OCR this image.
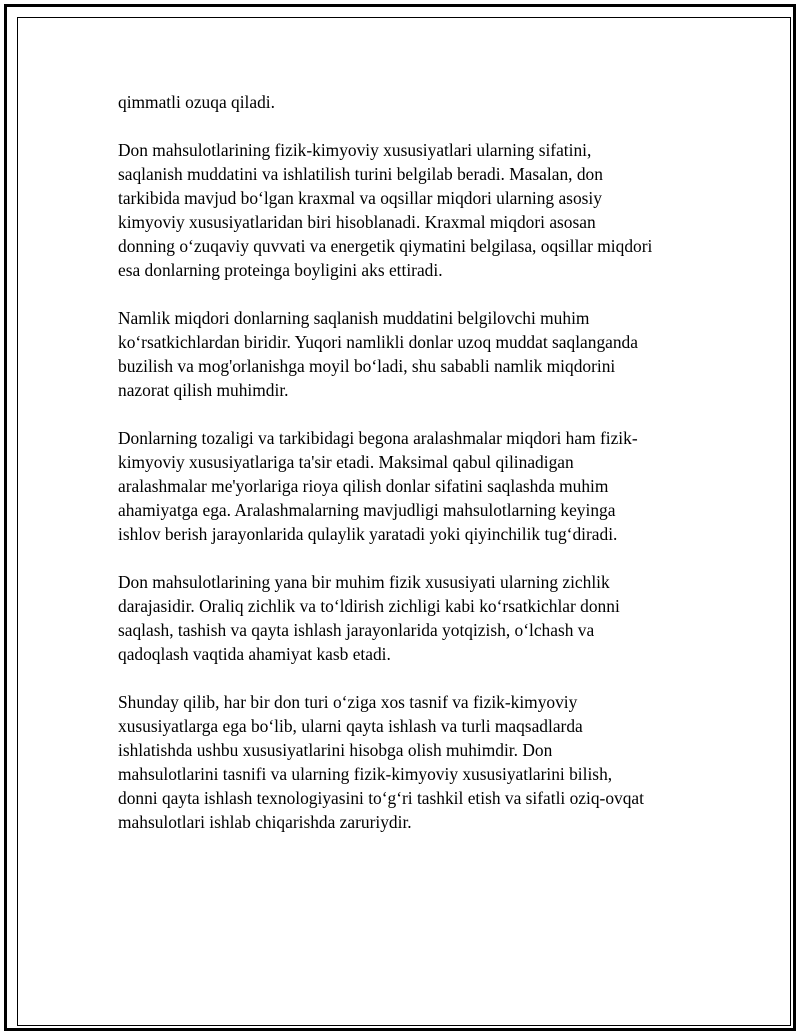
qimmatli ozuqa qiladi.

Don mahsulotlarining fizik-kimyoviy xususiyatlari ularning sifatini,
saqlanish muddatini va ishlatilish turini belgilab beradi. Masalan, don
tarkibida mavjud bo‘lgan kraxmal va oqsillar miqdori ularning asosiy
kimyoviy xususiyatlaridan biri hisoblanadi. Kraxmal miqdori asosan
donning o‘zuqaviy quvvati va energetik qiymatini belgilasa, oqsillar miqdori
esa donlarning proteinga boyligini aks ettiradi.

Namlik miqdori donlarning saqlanish muddatini belgilovchi muhim
ko‘rsatkichlardan biridir. Yuqori namlikli donlar uzoq muddat saqlanganda
buzilish va mog'orlanishga moyil bo‘ladi, shu sababli namlik miqdorini
nazorat qilish muhimdir.

Donlarning tozaligi va tarkibidagi begona aralashmalar miqdori ham fizik-
kimyoviy xususiyatlariga ta'sir etadi. Maksimal qabul qilinadigan
aralashmalar me'yorlariga rioya qilish donlar sifatini saqlashda muhim
ahamiyatga ega. Aralashmalarning mavjudligi mahsulotlarning keyinga
ishlov berish jarayonlarida qulaylik yaratadi yoki qiyinchilik tug‘diradi.

Don mahsulotlarining yana bir muhim fizik xususiyati ularning zichlik
darajasidir. Oraliq zichlik va to‘ldirish zichligi kabi ko‘rsatkichlar donni
saqlash, tashish va qayta ishlash jarayonlarida yotqizish, o‘lchash va
qadoqlash vaqtida ahamiyat kasb etadi.

Shunday qilib, har bir don turi o‘ziga xos tasnif va fizik-kimyoviy
xususiyatlarga ega bo‘lib, ularni qayta ishlash va turli maqsadlarda
ishlatishda ushbu xususiyatlarini hisobga olish muhimdir. Don
mahsulotlarini tasnifi va ularning fizik-kimyoviy xususiyatlarini bilish,
donni qayta ishlash texnologiyasini to‘g‘ri tashkil etish va sifatli oziq-ovqat
mahsulotlari ishlab chiqarishda zaruriydir.
